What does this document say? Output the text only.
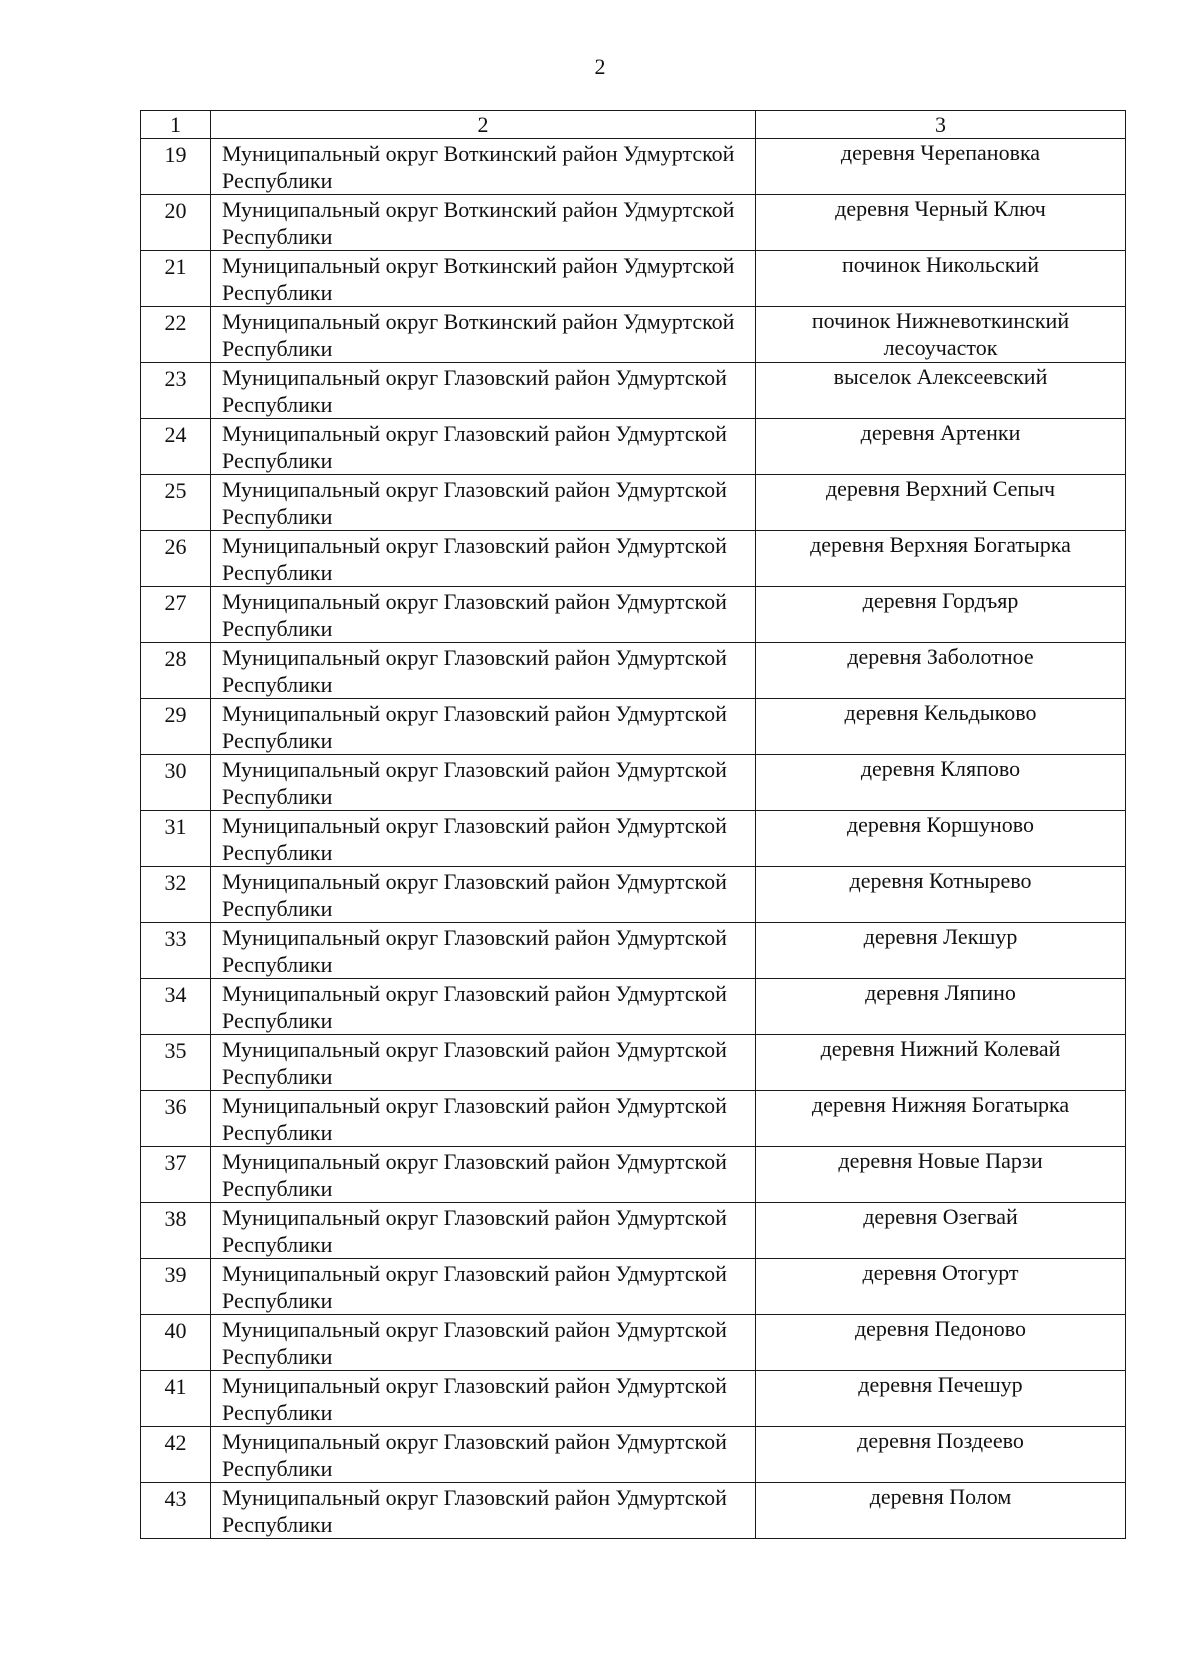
2
1	2	3
19	Муниципальный округ Воткинский район Удмуртской Республики	деревня Черепановка
20	Муниципальный округ Воткинский район Удмуртской Республики	деревня Черный Ключ
21	Муниципальный округ Воткинский район Удмуртской Республики	починок Никольский
22	Муниципальный округ Воткинский район Удмуртской Республики	починок Нижневоткинский лесоучасток
23	Муниципальный округ Глазовский район Удмуртской Республики	выселок Алексеевский
24	Муниципальный округ Глазовский район Удмуртской Республики	деревня Артенки
25	Муниципальный округ Глазовский район Удмуртской Республики	деревня Верхний Сепыч
26	Муниципальный округ Глазовский район Удмуртской Республики	деревня Верхняя Богатырка
27	Муниципальный округ Глазовский район Удмуртской Республики	деревня Гордъяр
28	Муниципальный округ Глазовский район Удмуртской Республики	деревня Заболотное
29	Муниципальный округ Глазовский район Удмуртской Республики	деревня Кельдыково
30	Муниципальный округ Глазовский район Удмуртской Республики	деревня Кляпово
31	Муниципальный округ Глазовский район Удмуртской Республики	деревня Коршуново
32	Муниципальный округ Глазовский район Удмуртской Республики	деревня Котнырево
33	Муниципальный округ Глазовский район Удмуртской Республики	деревня Лекшур
34	Муниципальный округ Глазовский район Удмуртской Республики	деревня Ляпино
35	Муниципальный округ Глазовский район Удмуртской Республики	деревня Нижний Колевай
36	Муниципальный округ Глазовский район Удмуртской Республики	деревня Нижняя Богатырка
37	Муниципальный округ Глазовский район Удмуртской Республики	деревня Новые Парзи
38	Муниципальный округ Глазовский район Удмуртской Республики	деревня Озегвай
39	Муниципальный округ Глазовский район Удмуртской Республики	деревня Отогурт
40	Муниципальный округ Глазовский район Удмуртской Республики	деревня Педоново
41	Муниципальный округ Глазовский район Удмуртской Республики	деревня Печешур
42	Муниципальный округ Глазовский район Удмуртской Республики	деревня Поздеево
43	Муниципальный округ Глазовский район Удмуртской Республики	деревня Полом
